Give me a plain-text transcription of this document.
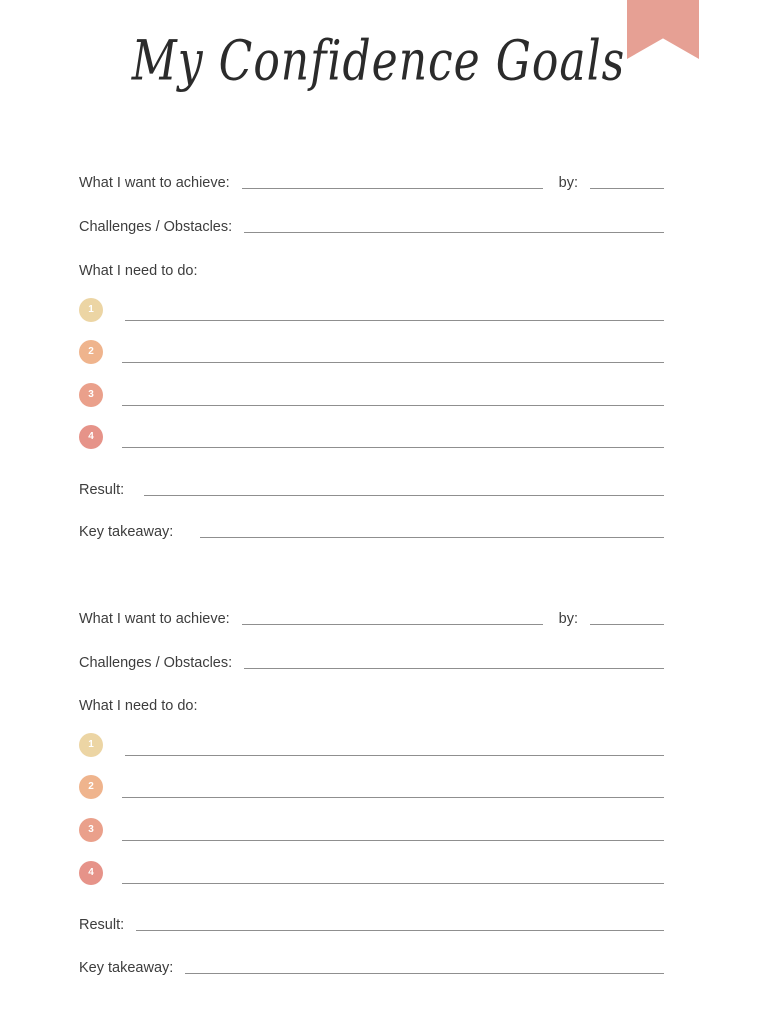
My Confidence Goals
What I want to achieve:	by:
Challenges / Obstacles:
What I need to do:
1
2
3
4
Result:
Key takeaway:
What I want to achieve:	by:
Challenges / Obstacles:
What I need to do:
1
2
3
4
Result:
Key takeaway:
